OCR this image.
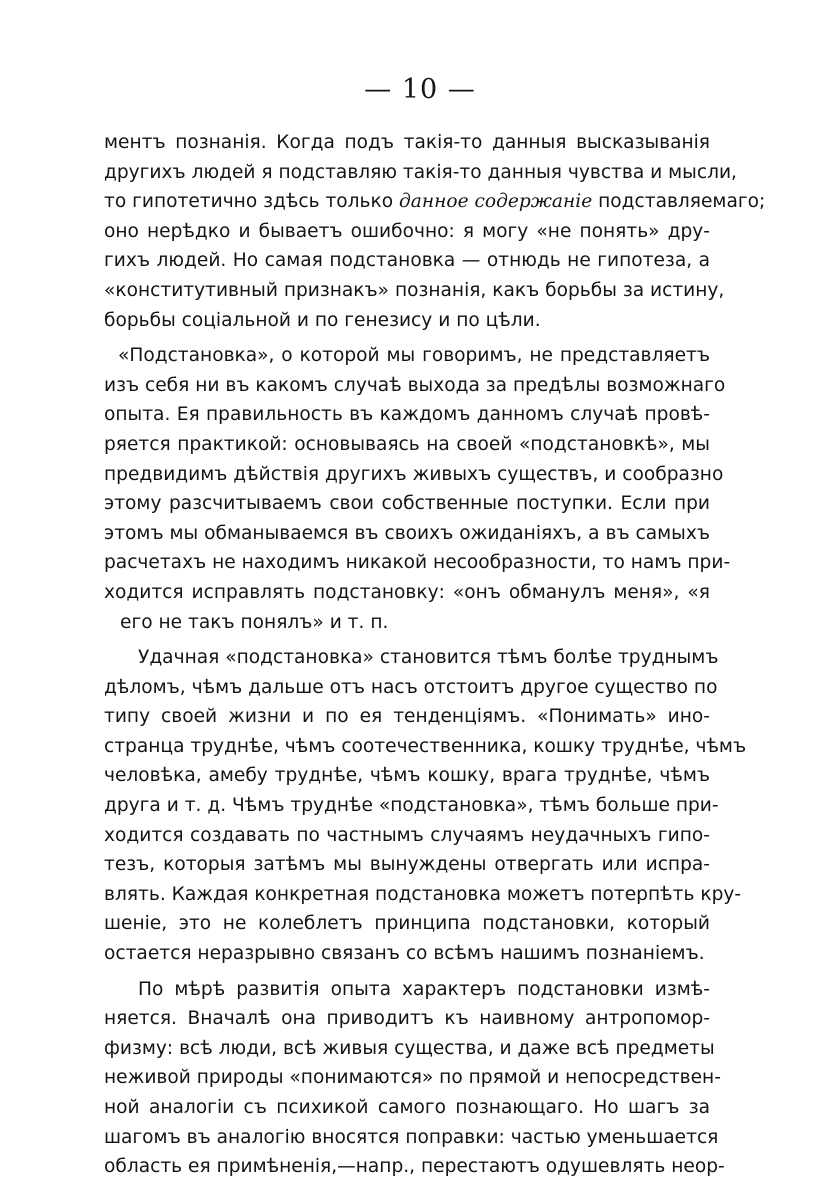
— 10 —

ментъ познанія. Когда подъ такія-то данныя высказыванія
другихъ людей я подставляю такія-то данныя чувства и мысли,
то гипотетично здѣсь только данное содержаніе подставляемаго;
оно нерѣдко и бываетъ ошибочно: я могу «не понять» дру-
гихъ людей. Но самая подстановка — отнюдь не гипотеза, а
«конститутивный признакъ» познанія, какъ борьбы за истину,
борьбы соціальной и по генезису и по цѣли.

«Подстановка», о которой мы говоримъ, не представляетъ
изъ себя ни въ какомъ случаѣ выхода за предѣлы возможнаго
опыта. Ея правильность въ каждомъ данномъ случаѣ провѣ-
ряется практикой: основываясь на своей «подстановкѣ», мы
предвидимъ дѣйствія другихъ живыхъ существъ, и сообразно
этому разсчитываемъ свои собственные поступки. Если при
этомъ мы обманываемся въ своихъ ожиданіяхъ, а въ самыхъ
расчетахъ не находимъ никакой несообразности, то намъ при-
ходится исправлять подстановку: «онъ обманулъ меня», «я
его не такъ понялъ» и т. п.

Удачная «подстановка» становится тѣмъ болѣе труднымъ
дѣломъ, чѣмъ дальше отъ насъ отстоитъ другое существо по
типу своей жизни и по ея тенденціямъ. «Понимать» ино-
странца труднѣе, чѣмъ соотечественника, кошку труднѣе, чѣмъ
человѣка, амебу труднѣе, чѣмъ кошку, врага труднѣе, чѣмъ
друга и т. д. Чѣмъ труднѣе «подстановка», тѣмъ больше при-
ходится создавать по частнымъ случаямъ неудачныхъ гипо-
тезъ, которыя затѣмъ мы вынуждены отвергать или испра-
влять. Каждая конкретная подстановка можетъ потерпѣть кру-
шеніе, это не колеблетъ принципа подстановки, который
остается неразрывно связанъ со всѣмъ нашимъ познаніемъ.

По мѣрѣ развитія опыта характеръ подстановки измѣ-
няется. Вначалѣ она приводитъ къ наивному антропомор-
физму: всѣ люди, всѣ живыя существа, и даже всѣ предметы
неживой природы «понимаются» по прямой и непосредствен-
ной аналогіи съ психикой самого познающаго. Но шагъ за
шагомъ въ аналогію вносятся поправки: частью уменьшается
область ея примѣненія,—напр., перестаютъ одушевлять неор-
